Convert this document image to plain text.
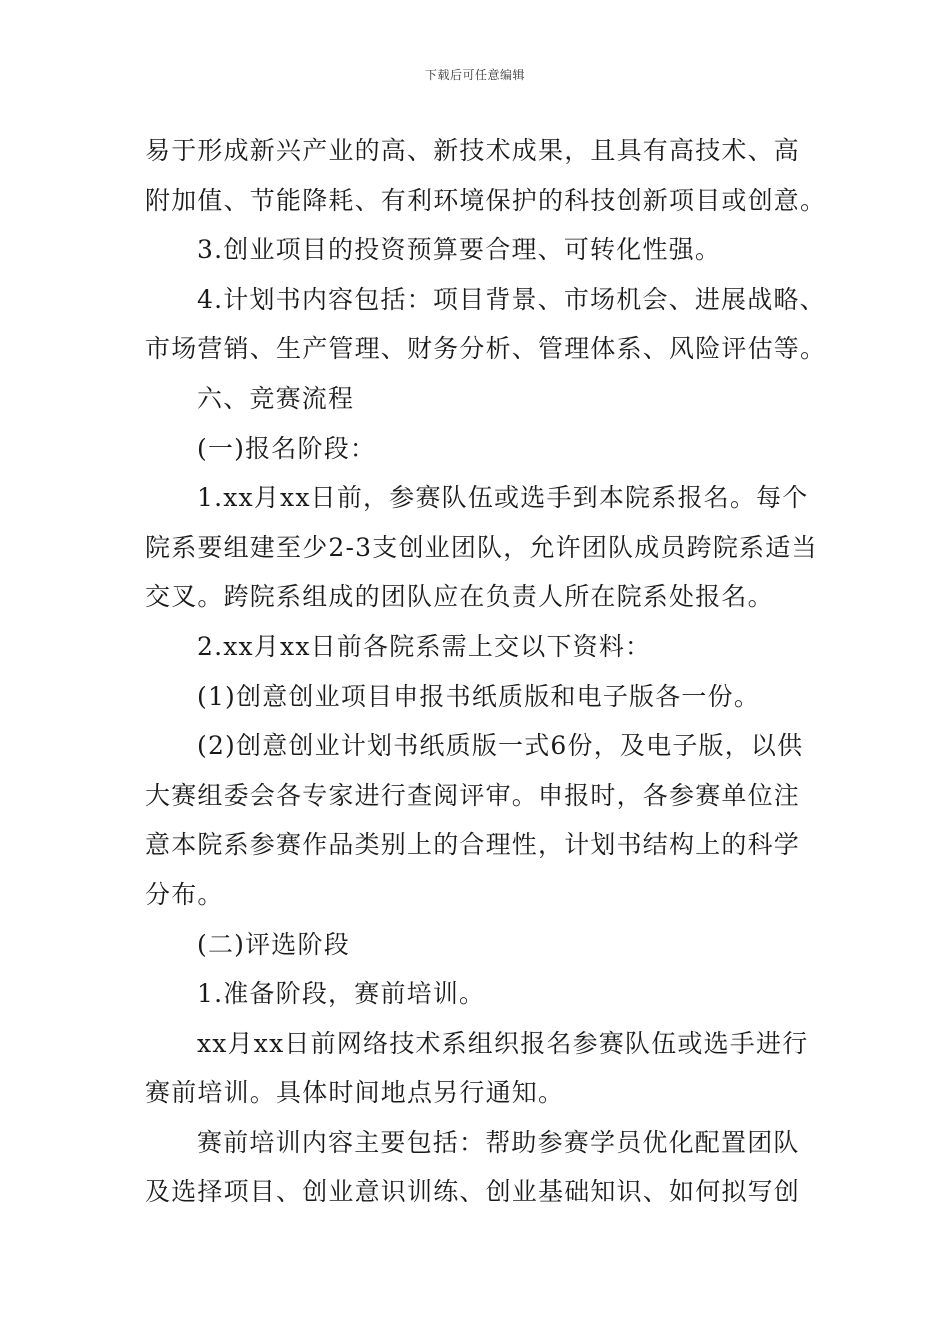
下载后可任意编辑
易于形成新兴产业的高、新技术成果，且具有高技术、高
附加值、节能降耗、有利环境保护的科技创新项目或创意。
3.创业项目的投资预算要合理、可转化性强。
4.计划书内容包括：项目背景、市场机会、进展战略、
市场营销、生产管理、财务分析、管理体系、风险评估等。
六、竞赛流程
(一)报名阶段：
1.xx月xx日前，参赛队伍或选手到本院系报名。每个
院系要组建至少2-3支创业团队，允许团队成员跨院系适当
交叉。跨院系组成的团队应在负责人所在院系处报名。
2.xx月xx日前各院系需上交以下资料：
(1)创意创业项目申报书纸质版和电子版各一份。
(2)创意创业计划书纸质版一式6份，及电子版，以供
大赛组委会各专家进行查阅评审。申报时，各参赛单位注
意本院系参赛作品类别上的合理性，计划书结构上的科学
分布。
(二)评选阶段
1.准备阶段，赛前培训。
xx月xx日前网络技术系组织报名参赛队伍或选手进行
赛前培训。具体时间地点另行通知。
赛前培训内容主要包括：帮助参赛学员优化配置团队
及选择项目、创业意识训练、创业基础知识、如何拟写创
